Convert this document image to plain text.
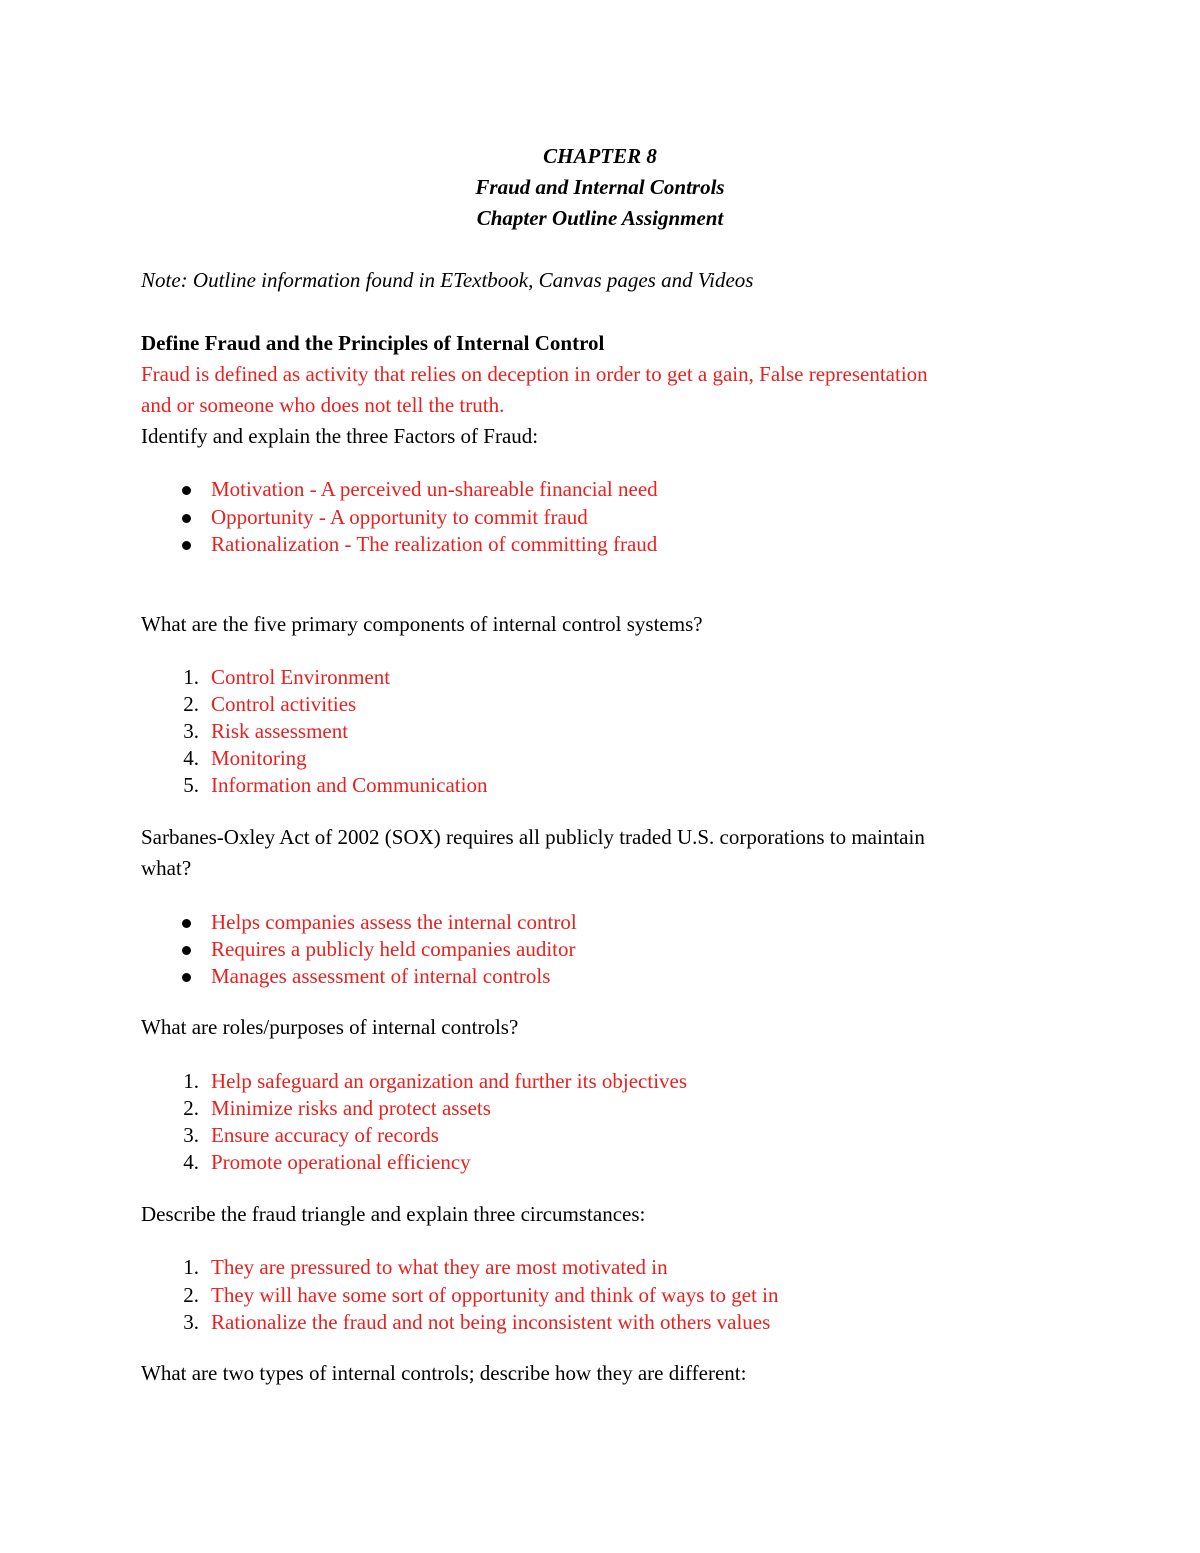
CHAPTER 8
Fraud and Internal Controls
Chapter Outline Assignment
Note: Outline information found in ETextbook, Canvas pages and Videos
Define Fraud and the Principles of Internal Control
Fraud is defined as activity that relies on deception in order to get a gain, False representation
and or someone who does not tell the truth.
Identify and explain the three Factors of Fraud:
Motivation - A perceived un-shareable financial need
Opportunity - A opportunity to commit fraud
Rationalization - The realization of committing fraud
What are the five primary components of internal control systems?
1. Control Environment
2. Control activities
3. Risk assessment
4. Monitoring
5. Information and Communication
Sarbanes-Oxley Act of 2002 (SOX) requires all publicly traded U.S. corporations to maintain
what?
Helps companies assess the internal control
Requires a publicly held companies auditor
Manages assessment of internal controls
What are roles/purposes of internal controls?
1. Help safeguard an organization and further its objectives
2. Minimize risks and protect assets
3. Ensure accuracy of records
4. Promote operational efficiency
Describe the fraud triangle and explain three circumstances:
1. They are pressured to what they are most motivated in
2. They will have some sort of opportunity and think of ways to get in
3. Rationalize the fraud and not being inconsistent with others values
What are two types of internal controls; describe how they are different:
